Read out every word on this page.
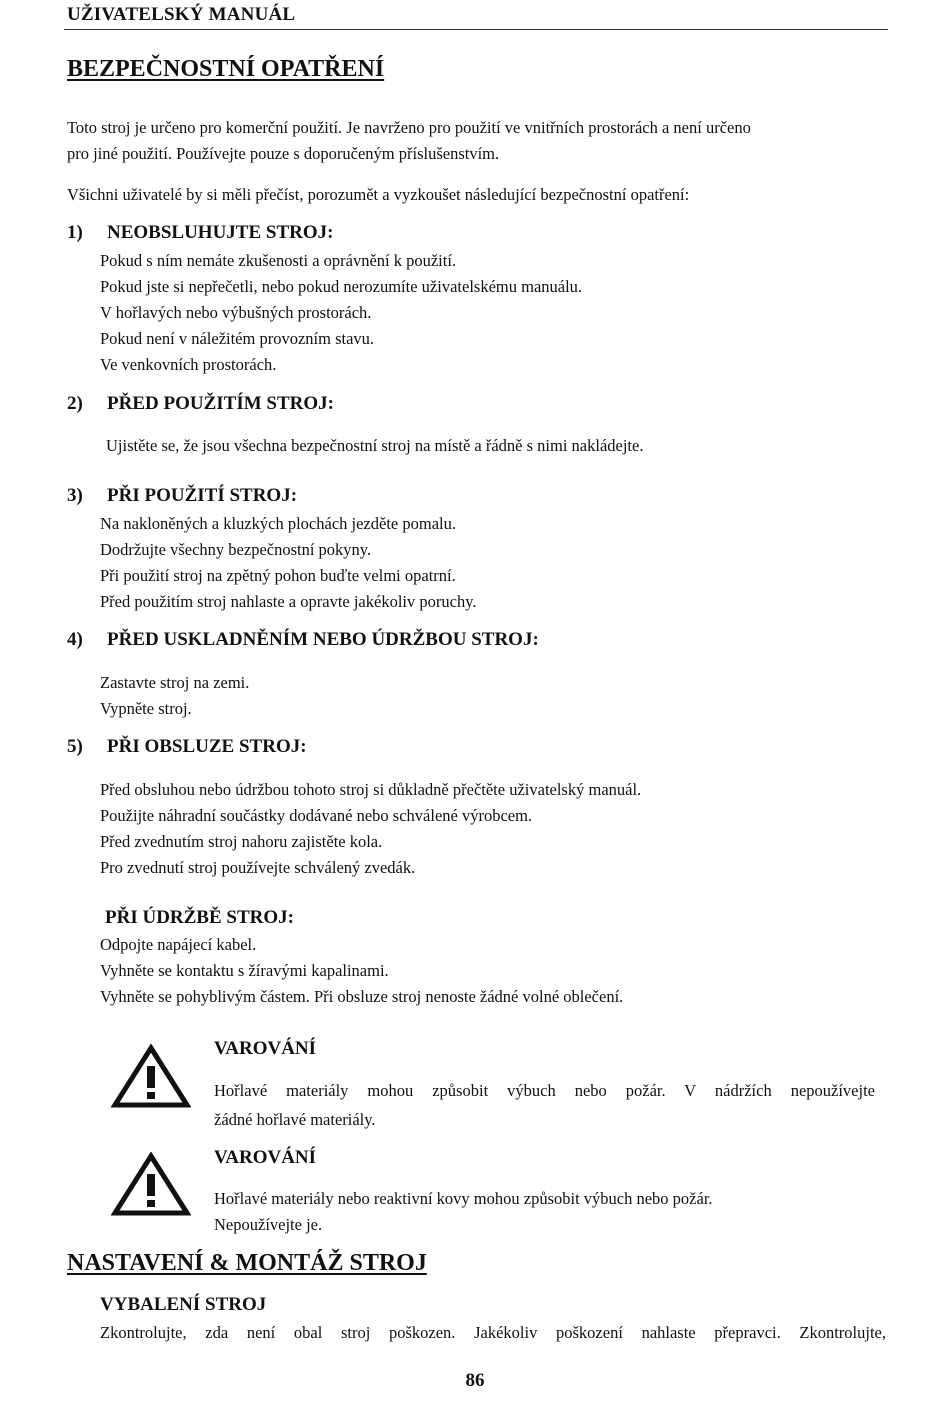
UŽIVATELSKÝ MANUÁL
BEZPEČNOSTNÍ OPATŘENÍ
Toto stroj je určeno pro komerční použití. Je navrženo pro použití ve vnitřních prostorách a není určeno
pro jiné použití. Používejte pouze s doporučeným příslušenstvím.
Všichni uživatelé by si měli přečíst, porozumět a vyzkoušet následující bezpečnostní opatření:
1) NEOBSLUHUJTE STROJ:
Pokud s ním nemáte zkušenosti a oprávnění k použití.
Pokud jste si nepřečetli, nebo pokud nerozumíte uživatelskému manuálu.
V hořlavých nebo výbušných prostorách.
Pokud není v náležitém provozním stavu.
Ve venkovních prostorách.
2) PŘED POUŽITÍM STROJ:
Ujistěte se, že jsou všechna bezpečnostní stroj na místě a řádně s nimi nakládejte.
3) PŘI POUŽITÍ STROJ:
Na nakloněných a kluzkých plochách jezděte pomalu.
Dodržujte všechny bezpečnostní pokyny.
Při použití stroj na zpětný pohon buďte velmi opatrní.
Před použitím stroj nahlaste a opravte jakékoliv poruchy.
4) PŘED USKLADNĚNÍM NEBO ÚDRŽBOU STROJ:
Zastavte stroj na zemi.
Vypněte stroj.
5) PŘI OBSLUZE STROJ:
Před obsluhou nebo údržbou tohoto stroj si důkladně přečtěte uživatelský manuál.
Použijte náhradní součástky dodávané nebo schválené výrobcem.
Před zvednutím stroj nahoru zajistěte kola.
Pro zvednutí stroj používejte schválený zvedák.
PŘI ÚDRŽBĚ STROJ:
Odpojte napájecí kabel.
Vyhněte se kontaktu s žíravými kapalinami.
Vyhněte se pohyblivým částem. Při obsluze stroj nenoste žádné volné oblečení.
VAROVÁNÍ
Hořlavé materiály mohou způsobit výbuch nebo požár. V nádržích nepoužívejte
žádné hořlavé materiály.
VAROVÁNÍ
Hořlavé materiály nebo reaktivní kovy mohou způsobit výbuch nebo požár.
Nepoužívejte je.
NASTAVENÍ & MONTÁŽ STROJ
VYBALENÍ STROJ
Zkontrolujte, zda není obal stroj poškozen. Jakékoliv poškození nahlaste přepravci. Zkontrolujte,
86
